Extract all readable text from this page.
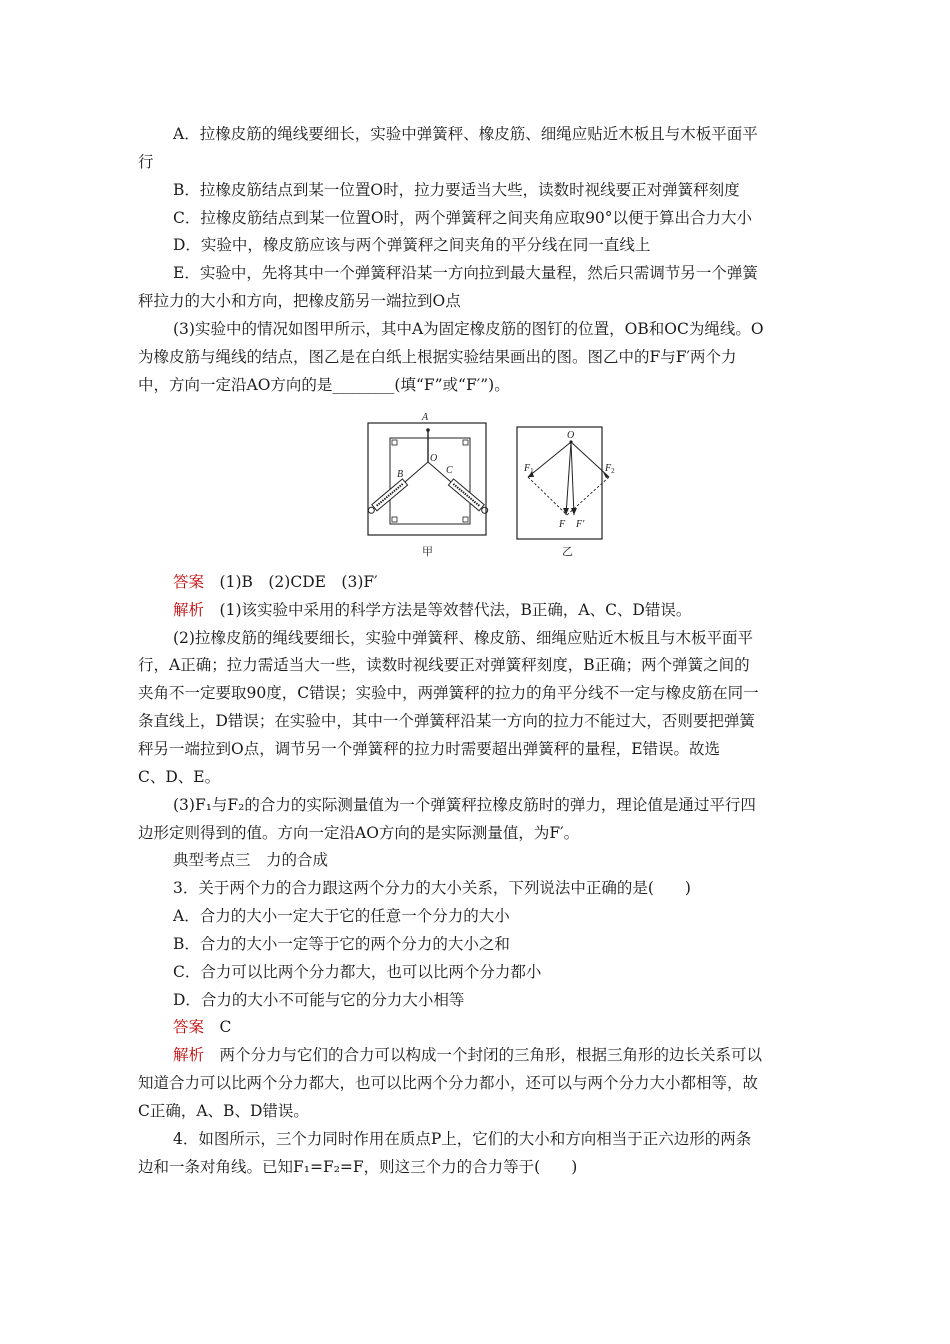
A．拉橡皮筋的绳线要细长，实验中弹簧秤、橡皮筋、细绳应贴近木板且与木板平面平
行
B．拉橡皮筋结点到某一位置O时，拉力要适当大些，读数时视线要正对弹簧秤刻度
C．拉橡皮筋结点到某一位置O时，两个弹簧秤之间夹角应取90°以便于算出合力大小
D．实验中，橡皮筋应该与两个弹簧秤之间夹角的平分线在同一直线上
E．实验中，先将其中一个弹簧秤沿某一方向拉到最大量程，然后只需调节另一个弹簧
秤拉力的大小和方向，把橡皮筋另一端拉到O点
(3)实验中的情况如图甲所示，其中A为固定橡皮筋的图钉的位置，OB和OC为绳线。O
为橡皮筋与绳线的结点，图乙是在白纸上根据实验结果画出的图。图乙中的F与F′两个力
中，方向一定沿AO方向的是________(填“F”或“F′”)。
A
O
B	C
甲
O
$F_1$	$F_2$
F F′
乙
答案　 (1)B　(2)CDE　(3)F′
解析　 (1)该实验中采用的科学方法是等效替代法，B正确，A、C、D错误。
(2)拉橡皮筋的绳线要细长，实验中弹簧秤、橡皮筋、细绳应贴近木板且与木板平面平
行，A正确；拉力需适当大一些，读数时视线要正对弹簧秤刻度，B正确；两个弹簧之间的
夹角不一定要取90度，C错误；实验中，两弹簧秤的拉力的角平分线不一定与橡皮筋在同一
条直线上，D错误；在实验中，其中一个弹簧秤沿某一方向的拉力不能过大，否则要把弹簧
秤另一端拉到O点，调节另一个弹簧秤的拉力时需要超出弹簧秤的量程，E错误。故选
C、D、E。
(3)F₁与F₂的合力的实际测量值为一个弹簧秤拉橡皮筋时的弹力，理论值是通过平行四
边形定则得到的值。方向一定沿AO方向的是实际测量值，为F′。
典型考点三　力的合成
3．关于两个力的合力跟这两个分力的大小关系，下列说法中正确的是(　　)
A．合力的大小一定大于它的任意一个分力的大小
B．合力的大小一定等于它的两个分力的大小之和
C．合力可以比两个分力都大，也可以比两个分力都小
D．合力的大小不可能与它的分力大小相等
答案　 C
解析　 两个分力与它们的合力可以构成一个封闭的三角形，根据三角形的边长关系可以
知道合力可以比两个分力都大，也可以比两个分力都小，还可以与两个分力大小都相等，故
C正确，A、B、D错误。
4．如图所示，三个力同时作用在质点P上，它们的大小和方向相当于正六边形的两条
边和一条对角线。已知F₁=F₂=F，则这三个力的合力等于(　　)
